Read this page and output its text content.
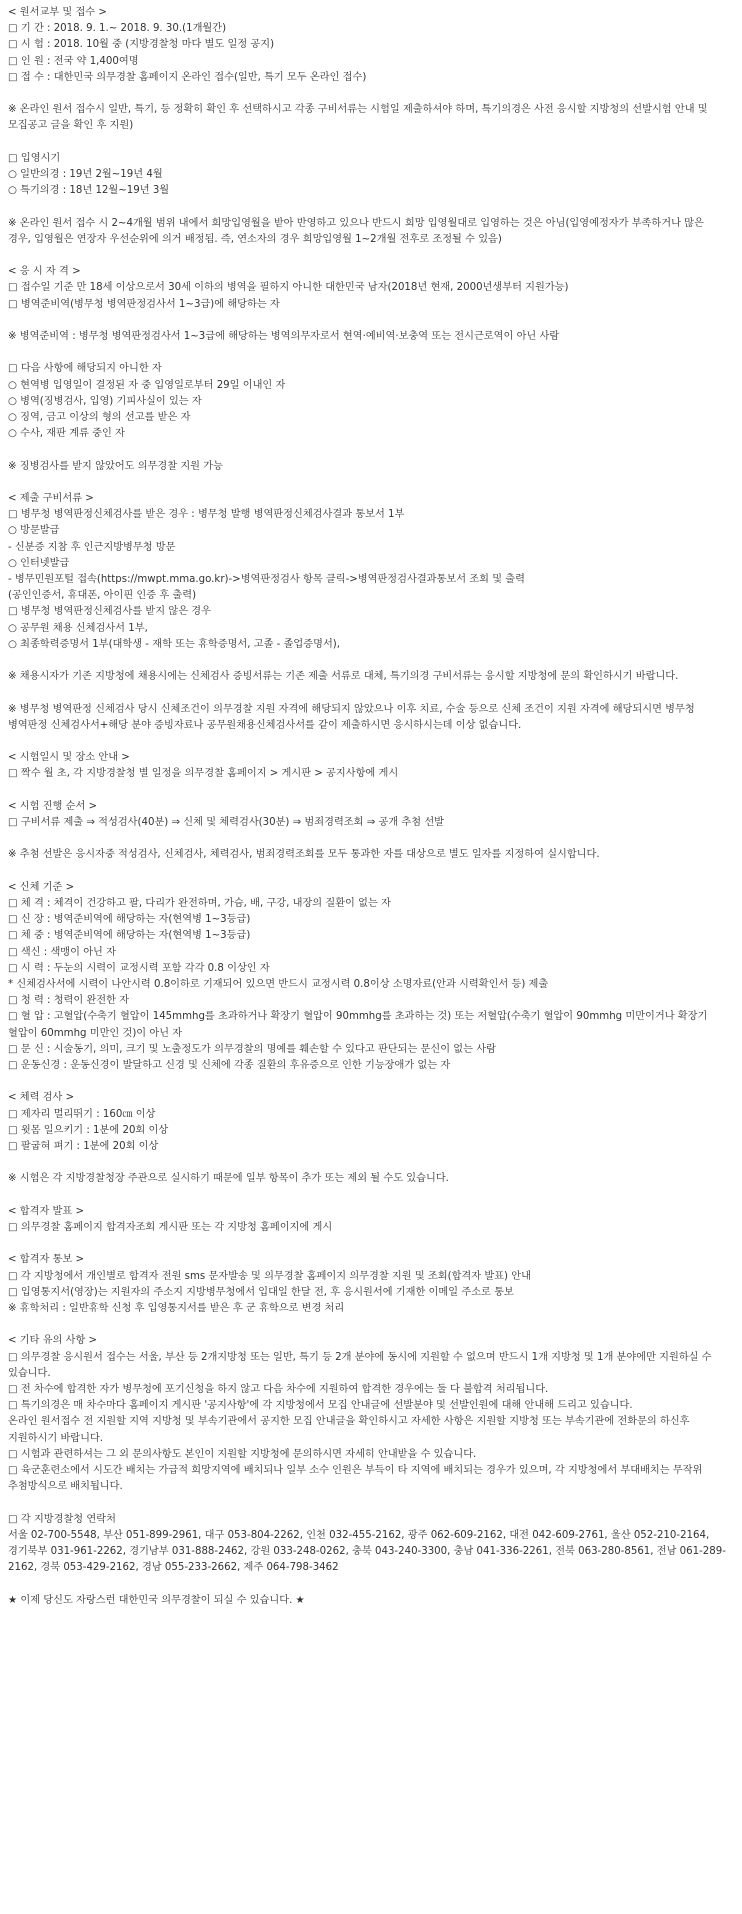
< 원서교부 및 접수 >
□ 기 간 : 2018. 9. 1.~ 2018. 9. 30.(1개월간)
□ 시 험 : 2018. 10월 중 (지방경찰청 마다 별도 일정 공지)
□ 인 원 : 전국 약 1,400여명
□ 접 수 : 대한민국 의무경찰 홈페이지 온라인 접수(일반, 특기 모두 온라인 접수)
※ 온라인 원서 접수시 일반, 특기, 등 정확히 확인 후 선택하시고 각종 구비서류는 시험일 제출하셔야 하며, 특기의경은 사전 응시할 지방청의 선발시험 안내 및 모집공고 글을 확인 후 지원)
□ 입영시기
○ 일반의경 : 19년 2월~19년 4월
○ 특기의경 : 18년 12월~19년 3월
※ 온라인 원서 접수 시 2~4개월 범위 내에서 희망입영월을 받아 반영하고 있으나 반드시 희망 입영월대로 입영하는 것은 아님(입영예정자가 부족하거나 많은 경우, 입영월은 연장자 우선순위에 의거 배정됨. 즉, 연소자의 경우 희망입영월 1~2개월 전후로 조정될 수 있음)
< 응 시 자 격 >
□ 접수일 기준 만 18세 이상으로서 30세 이하의 병역을 필하지 아니한 대한민국 남자(2018년 현재, 2000년생부터 지원가능)
□ 병역준비역(병무청 병역판정검사서 1~3급)에 해당하는 자
※ 병역준비역 : 병무청 병역판정검사서 1~3급에 해당하는 병역의무자로서 현역·예비역·보충역 또는 전시근로역이 아닌 사람
□ 다음 사항에 해당되지 아니한 자
○ 현역병 입영일이 결정된 자 중 입영일로부터 29일 이내인 자
○ 병역(징병검사, 입영) 기피사실이 있는 자
○ 징역, 금고 이상의 형의 선고를 받은 자
○ 수사, 재판 계류 중인 자
※ 징병검사를 받지 않았어도 의무경찰 지원 가능
< 제출 구비서류 >
□ 병무청 병역판정신체검사를 받은 경우 : 병무청 발행 병역판정신체검사결과 통보서 1부
○ 방문발급
- 신분증 지참 후 인근지방병무청 방문
○ 인터넷발급
- 병무민원포털 접속(https://mwpt.mma.go.kr)->병역판정검사 항목 클릭->병역판정검사결과통보서 조회 및 출력
(공인인증서, 휴대폰, 아이핀 인증 후 출력)
□ 병무청 병역판정신체검사를 받지 않은 경우
○ 공무원 채용 신체검사서 1부,
○ 최종학력증명서 1부(대학생 - 재학 또는 휴학증명서, 고졸 - 졸업증명서),
※ 채용시자가 기존 지방청에 채용시에는 신체검사 증빙서류는 기존 제출 서류로 대체, 특기의경 구비서류는 응시할 지방청에 문의 확인하시기 바랍니다.
※ 병무청 병역판정 신체검사 당시 신체조건이 의무경찰 지원 자격에 해당되지 않았으나 이후 치료, 수술 등으로 신체 조건이 지원 자격에 해당되시면 병무청 병역판정 신체검사서+해당 분야 증빙자료나 공무원채용신체검사서를 같이 제출하시면 응시하시는데 이상 없습니다.
< 시험일시 및 장소 안내 >
□ 짝수 월 초, 각 지방경찰청 별 일정을 의무경찰 홈페이지 > 게시판 > 공지사항에 게시
< 시험 진행 순서 >
□ 구비서류 제출 ⇒ 적성검사(40분) ⇒ 신체 및 체력검사(30분) ⇒ 범죄경력조회 ⇒ 공개 추첨 선발
※ 추첨 선발은 응시자중 적성검사, 신체검사, 체력검사, 범죄경력조회를 모두 통과한 자를 대상으로 별도 일자를 지정하여 실시합니다.
< 신체 기준 >
□ 체 격 : 체격이 건강하고 팔, 다리가 완전하며, 가슴, 배, 구강, 내장의 질환이 없는 자
□ 신 장 : 병역준비역에 해당하는 자(현역병 1~3등급)
□ 체 중 : 병역준비역에 해당하는 자(현역병 1~3등급)
□ 색신 : 색맹이 아닌 자
□ 시 력 : 두눈의 시력이 교정시력 포함 각각 0.8 이상인 자
* 신체검사서에 시력이 나안시력 0.8이하로 기재되어 있으면 반드시 교정시력 0.8이상 소명자료(안과 시력확인서 등) 제출
□ 청 력 : 청력이 완전한 자
□ 혈 압 : 고혈압(수축기 혈압이 145mmhg를 초과하거나 확장기 혈압이 90mmhg를 초과하는 것) 또는 저혈압(수축기 혈압이 90mmhg 미만이거나 확장기 혈압이 60mmhg 미만인 것)이 아닌 자
□ 문 신 : 시술동기, 의미, 크기 및 노출정도가 의무경찰의 명예를 훼손할 수 있다고 판단되는 문신이 없는 사람
□ 운동신경 : 운동신경이 발달하고 신경 및 신체에 각종 질환의 후유증으로 인한 기능장애가 없는 자
< 체력 검사 >
□ 제자리 멀리뛰기 : 160㎝ 이상
□ 윗몸 일으키기 : 1분에 20회 이상
□ 팔굽혀 펴기 : 1분에 20회 이상
※ 시험은 각 지방경찰청장 주관으로 실시하기 때문에 일부 항목이 추가 또는 제외 될 수도 있습니다.
< 합격자 발표 >
□ 의무경찰 홈페이지 합격자조회 게시판 또는 각 지방청 홈페이지에 게시
< 합격자 통보 >
□ 각 지방청에서 개인별로 합격자 전원 sms 문자발송 및 의무경찰 홈페이지 의무경찰 지원 및 조회(합격자 발표) 안내
□ 입영통지서(영장)는 지원자의 주소지 지방병무청에서 입대일 한달 전, 후 응시원서에 기재한 이메일 주소로 통보
※ 휴학처리 : 일반휴학 신청 후 입영통지서를 받은 후 군 휴학으로 변경 처리
< 기타 유의 사항 >
□ 의무경찰 응시원서 접수는 서울, 부산 등 2개지방청 또는 일반, 특기 등 2개 분야에 동시에 지원할 수 없으며 반드시 1개 지방청 및 1개 분야에만 지원하실 수 있습니다.
□ 전 차수에 합격한 자가 병무청에 포기신청을 하지 않고 다음 차수에 지원하여 합격한 경우에는 둘 다 불합격 처리됩니다.
□ 특기의경은 매 차수마다 홈페이지 게시판 '공지사항'에 각 지방청에서 모집 안내글에 선발분야 및 선발인원에 대해 안내해 드리고 있습니다.
온라인 원서접수 전 지원할 지역 지방청 및 부속기관에서 공지한 모집 안내글을 확인하시고 자세한 사항은 지원할 지방청 또는 부속기관에 전화문의 하신후 지원하시기 바랍니다.
□ 시험과 관련하셔는 그 외 문의사항도 본인이 지원할 지방청에 문의하시면 자세히 안내받을 수 있습니다.
□ 육군훈련소에서 시도간 배치는 가급적 희망지역에 배치되나 일부 소수 인원은 부득이 타 지역에 배치되는 경우가 있으며, 각 지방청에서 부대배치는 무작위 추첨방식으로 배치됩니다.
□ 각 지방경찰청 연락처
서울 02-700-5548, 부산 051-899-2961, 대구 053-804-2262, 인천 032-455-2162, 광주 062-609-2162, 대전 042-609-2761, 울산 052-210-2164, 경기북부 031-961-2262, 경기남부 031-888-2462, 강원 033-248-0262, 충북 043-240-3300, 충남 041-336-2261, 전북 063-280-8561, 전남 061-289-2162, 경북 053-429-2162, 경남 055-233-2662, 제주 064-798-3462
★ 이제 당신도 자랑스런 대한민국 의무경찰이 되실 수 있습니다. ★
